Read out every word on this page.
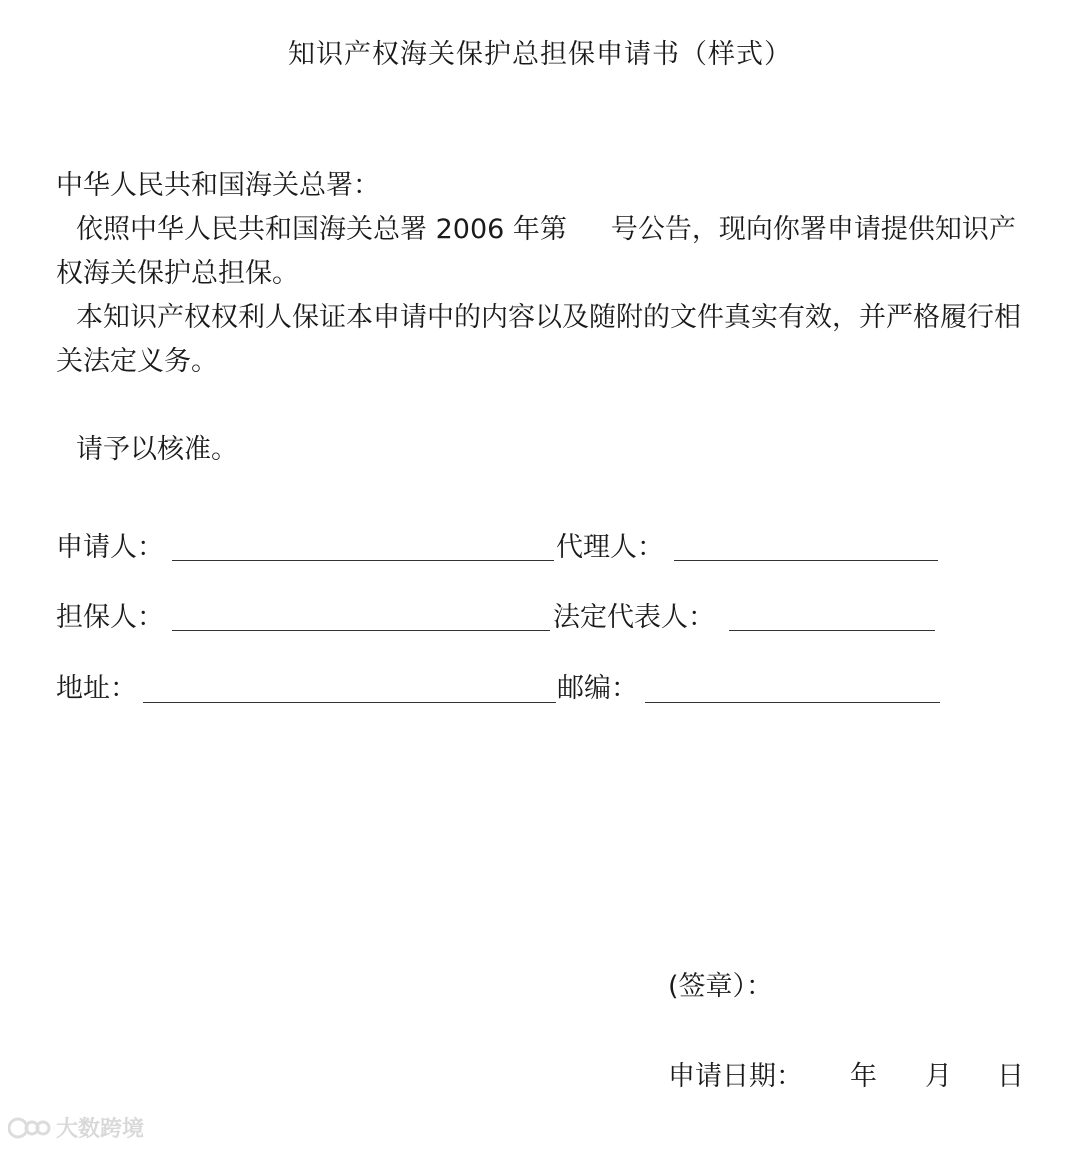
知识产权海关保护总担保申请书（样式）
中华人民共和国海关总署：
依照中华人民共和国海关总署 2006 年第 号公告，现向你署申请提供知识产权海关保护总担保。
本知识产权权利人保证本申请中的内容以及随附的文件真实有效，并严格履行相关法定义务。
请予以核准。
申请人：	代理人：
担保人：	法定代表人：
地址：	邮编：
(签章）：
申请日期： 年 月 日
大数跨境
